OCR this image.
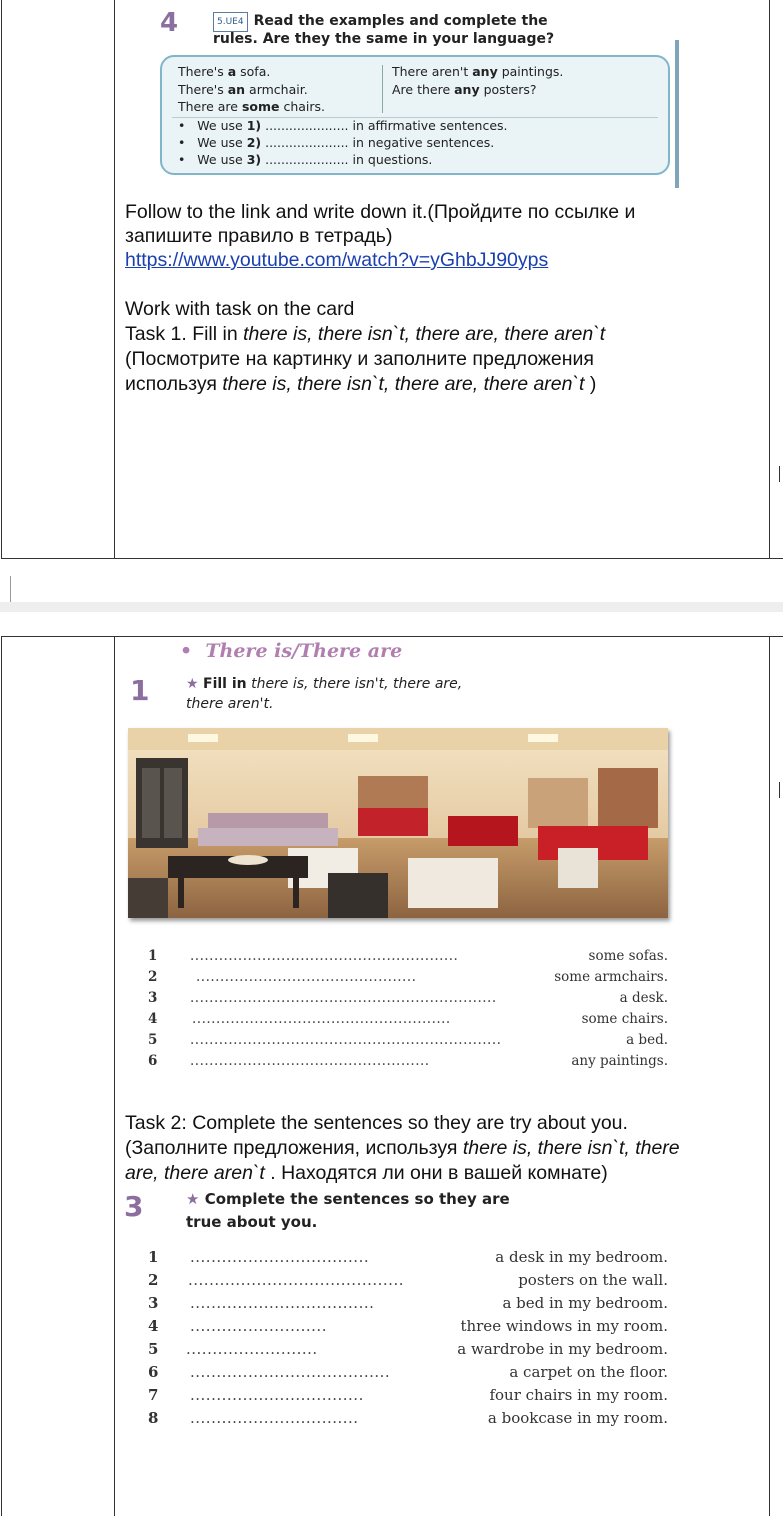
4	5.UE4 Read the examples and complete the
rules. Are they the same in your language?
There's a sofa.
There's an armchair.
There are some chairs.
There aren't any paintings.
Are there any posters?
•   We use 1) ..................... in affirmative sentences.
•   We use 2) ..................... in negative sentences.
•   We use 3) ..................... in questions.
Follow to the link and write down it.(Пройдите по ссылке и
запишите правило в тетрадь)
https://www.youtube.com/watch?v=yGhbJJ90yps
Work with task on the card
Task 1. Fill in there is, there isn`t, there are, there aren`t
(Посмотрите на картинку и заполните предложения
используя there is, there isn`t, there are, there aren`t )
• There is/There are
1	★ Fill in there is, there isn't, there are,
there aren't.
1 ........................................................	some sofas.
2	..............................................	some armchairs.
3 ................................................................	a desk.
4	......................................................	some chairs.
5 .................................................................	a bed.
6 ..................................................	any paintings.
Task 2: Complete the sentences so they are try about you.
(Заполните предложения, используя there is, there isn`t, there
are, there aren`t . Находятся ли они в вашей комнате)
3	★ Complete the sentences so they are
true about you.
1 ..................................	a desk in my bedroom.
2 .........................................	posters on the wall.
3 ...................................	a bed in my bedroom.
4 ..........................	three windows in my room.
5 .........................	a wardrobe in my bedroom.
6 ......................................	a carpet on the floor.
7 .................................	four chairs in my room.
8 ................................	a bookcase in my room.
